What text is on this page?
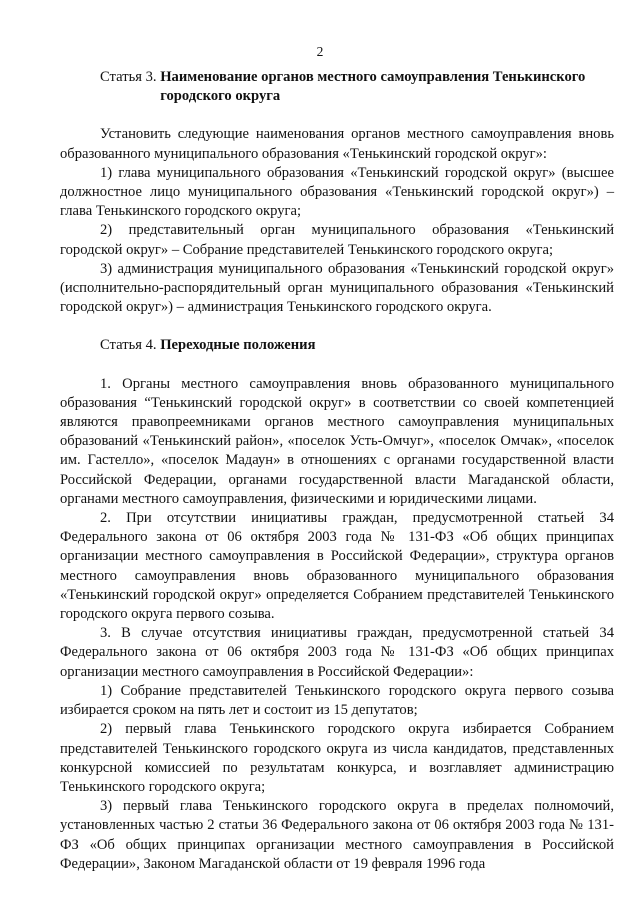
2
Статья 3. Наименование органов местного самоуправления Тенькинского городского округа

Установить следующие наименования органов местного самоуправления вновь образованного муниципального образования «Тенькинский городской округ»:

1) глава муниципального образования «Тенькинский городской округ» (высшее должностное лицо муниципального образования «Тенькинский городской округ») – глава Тенькинского городского округа;

2) представительный орган муниципального образования «Тенькинский городской округ» – Собрание представителей Тенькинского городского округа;

3) администрация муниципального образования «Тенькинский городской округ» (исполнительно-распорядительный орган муниципального образования «Тенькинский городской округ») – администрация Тенькинского городского округа.

Статья 4. Переходные положения

1. Органы местного самоуправления вновь образованного муниципального образования “Тенькинский городской округ» в соответствии со своей компетенцией являются правопреемниками органов местного самоуправления муниципальных образований «Тенькинский район», «поселок Усть-Омчуг», «поселок Омчак», «поселок им. Гастелло», «поселок Мадаун» в отношениях с органами государственной власти Российской Федерации, органами государственной власти Магаданской области, органами местного самоуправления, физическими и юридическими лицами.

2. При отсутствии инициативы граждан, предусмотренной статьей 34 Федерального закона от 06 октября 2003 года № 131-ФЗ «Об общих принципах организации местного самоуправления в Российской Федерации», структура органов местного самоуправления вновь образованного муниципального образования «Тенькинский городской округ» определяется Собранием представителей Тенькинского городского округа первого созыва.

3. В случае отсутствия инициативы граждан, предусмотренной статьей 34 Федерального закона от 06 октября 2003 года № 131-ФЗ «Об общих принципах организации местного самоуправления в Российской Федерации»:

1) Собрание представителей Тенькинского городского округа первого созыва избирается сроком на пять лет и состоит из 15 депутатов;

2) первый глава Тенькинского городского округа избирается Собранием представителей Тенькинского городского округа из числа кандидатов, представленных конкурсной комиссией по результатам конкурса, и возглавляет администрацию Тенькинского городского округа;

3) первый глава Тенькинского городского округа в пределах полномочий, установленных частью 2 статьи 36 Федерального закона от 06 октября 2003 года № 131-ФЗ «Об общих принципах организации местного самоуправления в Российской Федерации», Законом Магаданской области от 19 февраля 1996 года
